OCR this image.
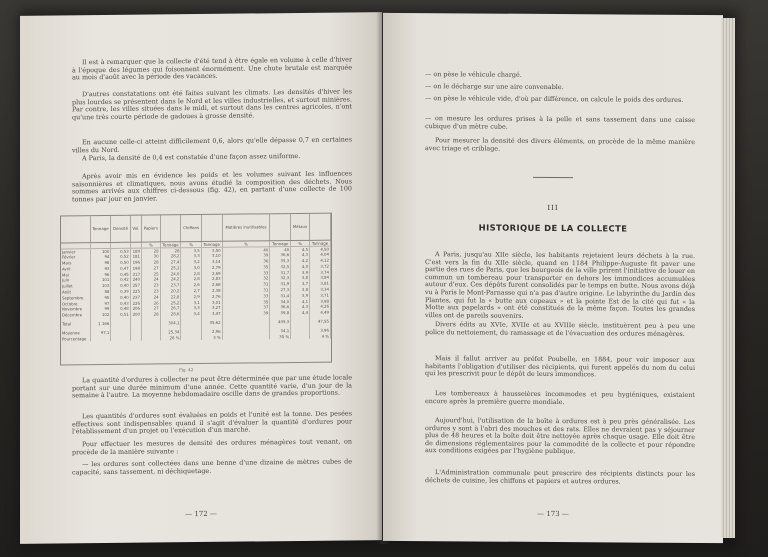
Il est à remarquer que la collecte d'été tend à être égale en volume à celle d'hiver à l'époque des légumes qui foisonnent énormément. Une chute brutale est marquée au mois d'août avec la période des vacances.
D'autres constatations ont été faites suivant les climats. Les densités d'hiver les plus lourdes se présentent dans le Nord et les villes industrielles, et surtout minières. Par contre, les villes situées dans le midi, et surtout dans les centres agricoles, n'ont qu'une très courte période de gadoues à grosse densité.
En aucune celle-ci atteint difficilement 0,6, alors qu'elle dépasse 0,7 en certaines villes du Nord.
A Paris, la densité de 0,4 est constatée d'une façon assez uniforme.
Après avoir mis en évidence les poids et les volumes suivant les influences saisonnières et climatiques, nous avons étudié la composition des déchets. Nous sommes arrivés aux chiffres ci-dessous (fig. 42), en partant d'une collecte de 100 tonnes par jour en janvier.
	Tonnage	Densité	Vol.	Papiers		Chiffons		Matières inutilisables		Métaux	
				%	Tonnage	%	Tonnage	%	Tonnage	%	Tonnage
Janvier	100	0,53	189	28	28	3,5	3,50	40	40	4,5	4,50
Février	94	0,52	181	30	28,2	3,3	3,10	39	36,6	4,3	4,04
Mars	98	0,50	196	28	27,4	3,2	3,14	36	35,3	4,2	4,12
Avril	93	0,47	198	27	25,1	3,0	2,79	35	32,5	4,0	3,72
Mai	96	0,45	213	25	24,0	2,8	2,69	33	31,7	3,9	3,74
Juin	101	0,42	240	24	24,2	2,8	2,83	32	32,3	3,8	3,84
Juillet	103	0,40	257	23	23,7	2,6	2,68	31	31,9	3,7	3,81
Août	88	0,39	225	23	20,2	2,7	2,38	31	27,3	3,8	3,34
Septembre	95	0,40	237	24	22,8	2,9	2,76	33	31,4	3,9	3,71
Octobre	97	0,43	226	26	25,2	3,1	3,01	35	34,0	4,1	3,98
Novembre	99	0,48	206	27	26,7	3,3	3,27	37	36,6	4,3	4,26
Décembre	102	0,51	200	28	28,6	3,4	3,47	39	39,8	4,4	4,49
Total	1 166				304,1		35,62		409,3		47,55
Moyenne	97,1				25,34		2,96		34,1		3,96
Pourcentage					26 %		3 %		35 %		4 %
Fig. 42
La quantité d'ordures à collecter ne peut être déterminée que par une étude locale portant sur une durée minimum d'une année. Cette quantité varie, d'un jour de la semaine à l'autre. La moyenne hebdomadaire oscille dans de grandes proportions.
Les quantités d'ordures sont évaluées en poids et l'unité est la tonne. Des pesées effectives sont indispensables quand il s'agit d'évaluer la quantité d'ordures pour l'établissement d'un projet ou l'exécution d'un marché.
Pour effectuer les mesures de densité des ordures ménagères tout venant, on procède de la manière suivante :
— les ordures sont collectées dans une benne d'une dizaine de mètres cubes de capacité, sans tassement, ni déchiquetage.
— 172 —
— on pèse le véhicule chargé.
— on le décharge sur une aire convenable.
— on pèse le véhicule vide, d'où par différence, on calcule le poids des ordures.
— on mesure les ordures prises à la pelle et sans tassement dans une caisse cubique d'un mètre cube.
Pour mesurer la densité des divers éléments, on procède de la même manière avec triage et criblage.
III
HISTORIQUE DE LA COLLECTE
A Paris, jusqu'au XIIe siècle, les habitants rejetaient leurs déchets à la rue. C'est vers la fin du XIIe siècle, quand en 1184 Philippe-Auguste fit paver une partie des rues de Paris, que les bourgeois de la ville prirent l'initiative de louer en commun un tombereau pour transporter en dehors les immondices accumulées autour d'eux. Ces dépôts furent consolidés par le temps en butte. Nous avons déjà vu à Paris le Mont-Parnasse qui n'a pas d'autre origine. Le labyrinthe du Jardin des Plantes, qui fut la « butte aux copeaux » et la pointe Est de la cité qui fut « la Motte aux papelards » ont été constitués de la même façon. Toutes les grandes villes ont de pareils souvenirs.
Divers édits au XVIe, XVIIe et au XVIIIe siècle, instituèrent peu à peu une police du nettoiement, du ramassage et de l'évacuation des ordures ménagères.
Mais il fallut arriver au préfet Poubelle, en 1884, pour voir imposer aux habitants l'obligation d'utiliser des récipients, qui furent appelés du nom du celui qui les prescrivit pour le dépôt de leurs immondices.
Les tombereaux à hausseières incommodes et peu hygiéniques, existaient encore après la première guerre mondiale.
Aujourd'hui, l'utilisation de la boîte à ordures est à peu près généralisée. Les ordures y sont à l'abri des mouches et des rats. Elles ne devraient pas y séjourner plus de 48 heures et la boîte doit être nettoyée après chaque usage. Elle doit être de dimensions réglementaires pour la commodité de la collecte et pour répondre aux conditions exigées par l'hygiène publique.
L'Administration communale peut prescrire des récipients distincts pour les déchets de cuisine, les chiffons et papiers et autres ordures.
— 173 —
